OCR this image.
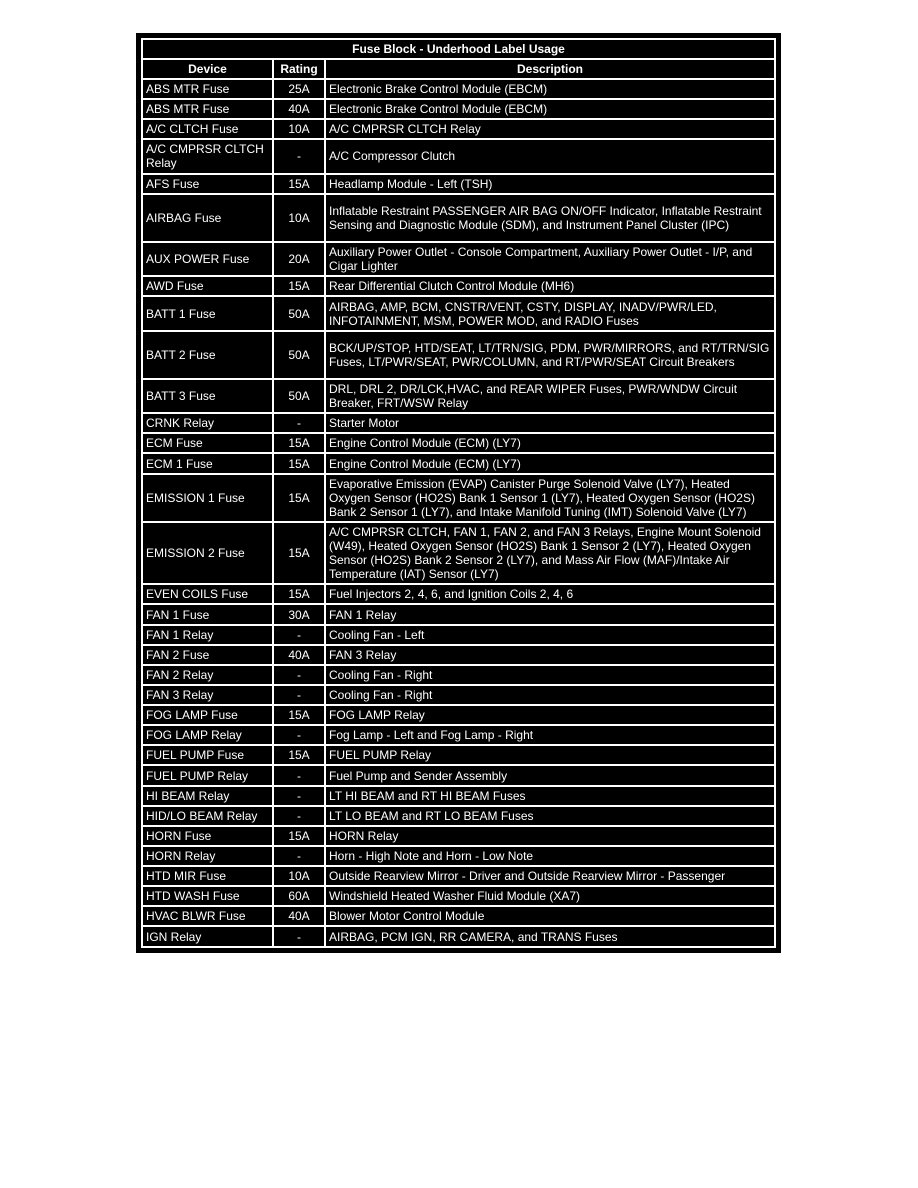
Fuse Block - Underhood Label Usage		
Device	Rating	Description
ABS MTR Fuse	25A	Electronic Brake Control Module (EBCM)
ABS MTR Fuse	40A	Electronic Brake Control Module (EBCM)
A/C CLTCH Fuse	10A	A/C CMPRSR CLTCH Relay
A/C CMPRSR CLTCH Relay	-	A/C Compressor Clutch
AFS Fuse	15A	Headlamp Module - Left (TSH)
AIRBAG Fuse	10A	Inflatable Restraint PASSENGER AIR BAG ON/OFF Indicator, Inflatable Restraint Sensing and Diagnostic Module (SDM), and Instrument Panel Cluster (IPC)
AUX POWER Fuse	20A	Auxiliary Power Outlet - Console Compartment, Auxiliary Power Outlet - I/P, and Cigar Lighter
AWD Fuse	15A	Rear Differential Clutch Control Module (MH6)
BATT 1 Fuse	50A	AIRBAG, AMP, BCM, CNSTR/VENT, CSTY, DISPLAY, INADV/PWR/LED, INFOTAINMENT, MSM, POWER MOD, and RADIO Fuses
BATT 2 Fuse	50A	BCK/UP/STOP, HTD/SEAT, LT/TRN/SIG, PDM, PWR/MIRRORS, and RT/TRN/SIG Fuses, LT/PWR/SEAT, PWR/COLUMN, and RT/PWR/SEAT Circuit Breakers
BATT 3 Fuse	50A	DRL, DRL 2, DR/LCK,HVAC, and REAR WIPER Fuses, PWR/WNDW Circuit Breaker, FRT/WSW Relay
CRNK Relay	-	Starter Motor
ECM Fuse	15A	Engine Control Module (ECM) (LY7)
ECM 1 Fuse	15A	Engine Control Module (ECM) (LY7)
EMISSION 1 Fuse	15A	Evaporative Emission (EVAP) Canister Purge Solenoid Valve (LY7), Heated Oxygen Sensor (HO2S) Bank 1 Sensor 1 (LY7), Heated Oxygen Sensor (HO2S) Bank 2 Sensor 1 (LY7), and Intake Manifold Tuning (IMT) Solenoid Valve (LY7)
EMISSION 2 Fuse	15A	A/C CMPRSR CLTCH, FAN 1, FAN 2, and FAN 3 Relays, Engine Mount Solenoid (W49), Heated Oxygen Sensor (HO2S) Bank 1 Sensor 2 (LY7), Heated Oxygen Sensor (HO2S) Bank 2 Sensor 2 (LY7), and Mass Air Flow (MAF)/Intake Air Temperature (IAT) Sensor (LY7)
EVEN COILS Fuse	15A	Fuel Injectors 2, 4, 6, and Ignition Coils 2, 4, 6
FAN 1 Fuse	30A	FAN 1 Relay
FAN 1 Relay	-	Cooling Fan - Left
FAN 2 Fuse	40A	FAN 3 Relay
FAN 2 Relay	-	Cooling Fan - Right
FAN 3 Relay	-	Cooling Fan - Right
FOG LAMP Fuse	15A	FOG LAMP Relay
FOG LAMP Relay	-	Fog Lamp - Left and Fog Lamp - Right
FUEL PUMP Fuse	15A	FUEL PUMP Relay
FUEL PUMP Relay	-	Fuel Pump and Sender Assembly
HI BEAM Relay	-	LT HI BEAM and RT HI BEAM Fuses
HID/LO BEAM Relay	-	LT LO BEAM and RT LO BEAM Fuses
HORN Fuse	15A	HORN Relay
HORN Relay	-	Horn - High Note and Horn - Low Note
HTD MIR Fuse	10A	Outside Rearview Mirror - Driver and Outside Rearview Mirror - Passenger
HTD WASH Fuse	60A	Windshield Heated Washer Fluid Module (XA7)
HVAC BLWR Fuse	40A	Blower Motor Control Module
IGN Relay	-	AIRBAG, PCM IGN, RR CAMERA, and TRANS Fuses
